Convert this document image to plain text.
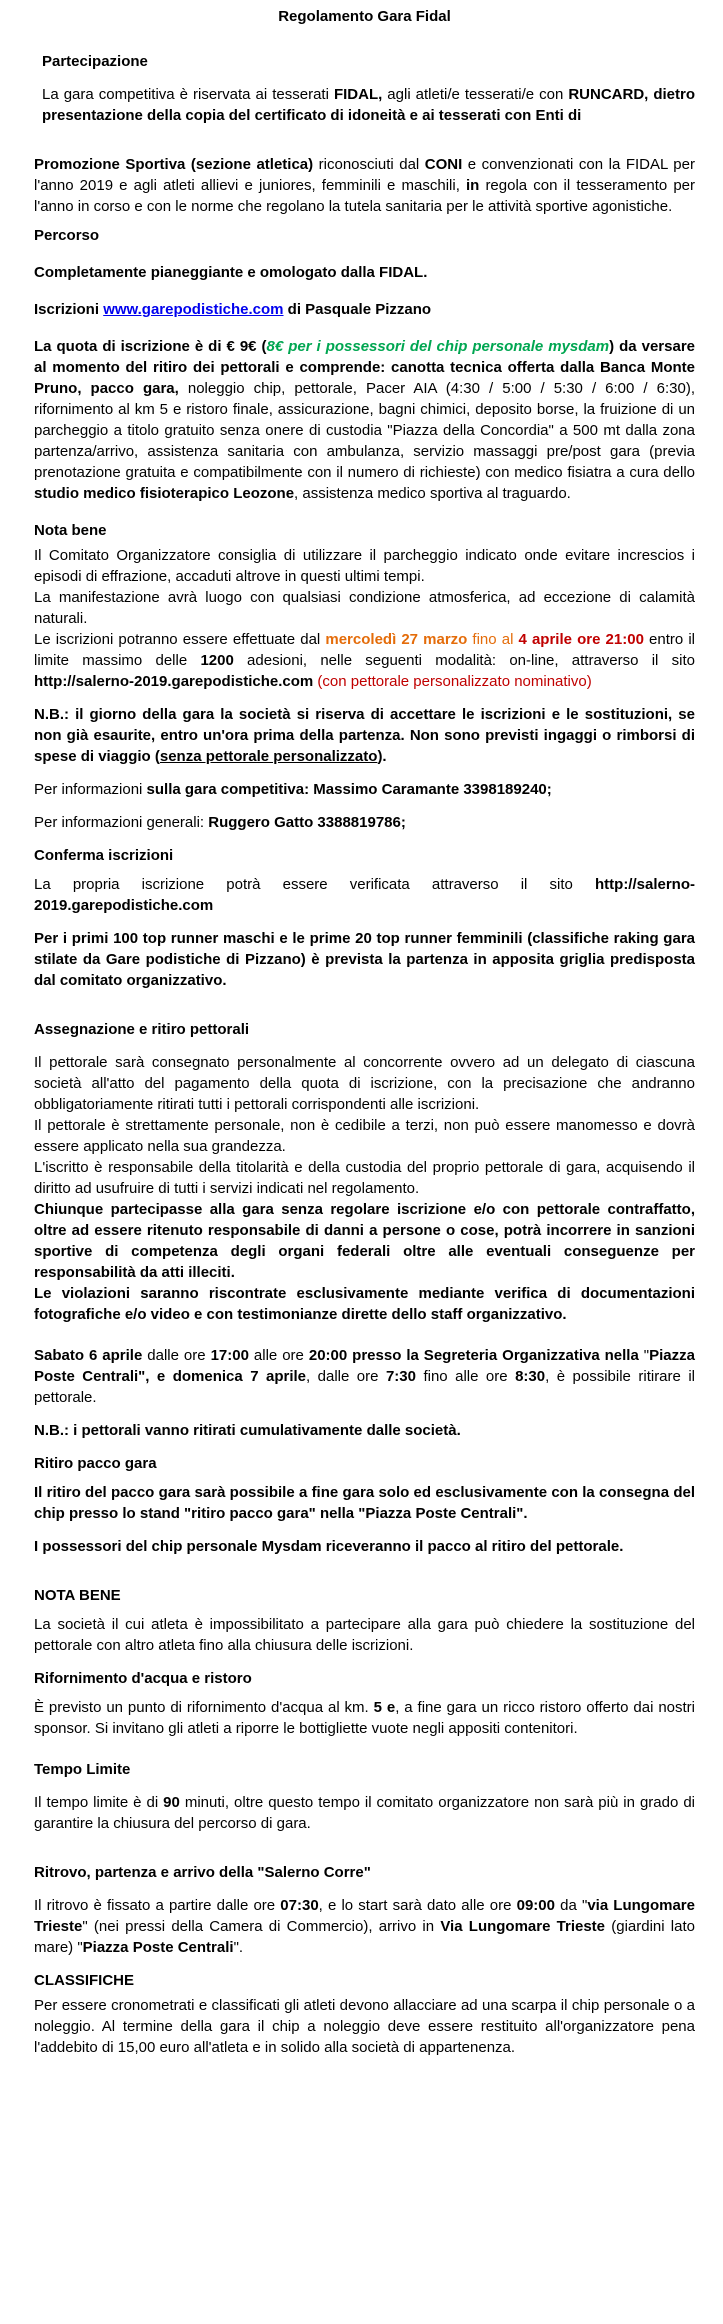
Regolamento Gara Fidal
Partecipazione

La gara competitiva è riservata ai tesserati FIDAL, agli atleti/e tesserati/e con RUNCARD, dietro presentazione della copia del certificato di idoneità e ai tesserati con Enti di

Promozione Sportiva (sezione atletica) riconosciuti dal CONI e convenzionati con la FIDAL per l'anno 2019 e agli atleti allievi e juniores, femminili e maschili, in regola con il tesseramento per l'anno in corso e con le norme che regolano la tutela sanitaria per le attività sportive agonistiche.

Percorso

Completamente pianeggiante e omologato dalla FIDAL.

Iscrizioni www.garepodistiche.com di Pasquale Pizzano

La quota di iscrizione è di € 9€ (8€ per i possessori del chip personale mysdam) da versare al momento del ritiro dei pettorali e comprende: canotta tecnica offerta dalla Banca Monte Pruno, pacco gara, noleggio chip, pettorale, Pacer AIA (4:30 / 5:00 / 5:30 / 6:00 / 6:30), rifornimento al km 5 e ristoro finale, assicurazione, bagni chimici, deposito borse, la fruizione di un parcheggio a titolo gratuito senza onere di custodia "Piazza della Concordia" a 500 mt dalla zona partenza/arrivo, assistenza sanitaria con ambulanza, servizio massaggi pre/post gara (previa prenotazione gratuita e compatibilmente con il numero di richieste) con medico fisiatra a cura dello studio medico fisioterapico Leozone, assistenza medico sportiva al traguardo.

Nota bene

Il Comitato Organizzatore consiglia di utilizzare il parcheggio indicato onde evitare increscios i episodi di effrazione, accaduti altrove in questi ultimi tempi.

La manifestazione avrà luogo con qualsiasi condizione atmosferica, ad eccezione di calamità naturali.

Le iscrizioni potranno essere effettuate dal mercoledì 27 marzo fino al 4 aprile ore 21:00 entro il limite massimo delle 1200 adesioni, nelle seguenti modalità: on-line, attraverso il sito http://salerno-2019.garepodistiche.com (con pettorale personalizzato nominativo)

N.B.: il giorno della gara la società si riserva di accettare le iscrizioni e le sostituzioni, se non già esaurite, entro un'ora prima della partenza. Non sono previsti ingaggi o rimborsi di spese di viaggio (senza pettorale personalizzato).

Per informazioni sulla gara competitiva: Massimo Caramante 3398189240;

Per informazioni generali: Ruggero Gatto 3388819786;

Conferma iscrizioni

La propria iscrizione potrà essere verificata attraverso il sito http://salerno-2019.garepodistiche.com

Per i primi 100 top runner maschi e le prime 20 top runner femminili (classifiche raking gara stilate da Gare podistiche di Pizzano) è prevista la partenza in apposita griglia predisposta dal comitato organizzativo.

Assegnazione e ritiro pettorali

Il pettorale sarà consegnato personalmente al concorrente ovvero ad un delegato di ciascuna società all'atto del pagamento della quota di iscrizione, con la precisazione che andranno obbligatoriamente ritirati tutti i pettorali corrispondenti alle iscrizioni.

Il pettorale è strettamente personale, non è cedibile a terzi, non può essere manomesso e dovrà essere applicato nella sua grandezza.

L'iscritto è responsabile della titolarità e della custodia del proprio pettorale di gara, acquisendo il diritto ad usufruire di tutti i servizi indicati nel regolamento.

Chiunque partecipasse alla gara senza regolare iscrizione e/o con pettorale contraffatto, oltre ad essere ritenuto responsabile di danni a persone o cose, potrà incorrere in sanzioni sportive di competenza degli organi federali oltre alle eventuali conseguenze per responsabilità da atti illeciti.

Le violazioni saranno riscontrate esclusivamente mediante verifica di documentazioni fotografiche e/o video e con testimonianze dirette dello staff organizzativo.

Sabato 6 aprile dalle ore 17:00 alle ore 20:00 presso la Segreteria Organizzativa nella "Piazza Poste Centrali", e domenica 7 aprile, dalle ore 7:30 fino alle ore 8:30, è possibile ritirare il pettorale.

N.B.: i pettorali vanno ritirati cumulativamente dalle società.

Ritiro pacco gara

Il ritiro del pacco gara sarà possibile a fine gara solo ed esclusivamente con la consegna del chip presso lo stand "ritiro pacco gara" nella "Piazza Poste Centrali".

I possessori del chip personale Mysdam riceveranno il pacco al ritiro del pettorale.

NOTA BENE

La società il cui atleta è impossibilitato a partecipare alla gara può chiedere la sostituzione del pettorale con altro atleta fino alla chiusura delle iscrizioni.

Rifornimento d'acqua e ristoro

È previsto un punto di rifornimento d'acqua al km. 5 e, a fine gara un ricco ristoro offerto dai nostri sponsor. Si invitano gli atleti a riporre le bottigliette vuote negli appositi contenitori.

Tempo Limite

Il tempo limite è di 90 minuti, oltre questo tempo il comitato organizzatore non sarà più in grado di garantire la chiusura del percorso di gara.

Ritrovo, partenza e arrivo della "Salerno Corre"

Il ritrovo è fissato a partire dalle ore 07:30, e lo start sarà dato alle ore 09:00 da "via Lungomare Trieste" (nei pressi della Camera di Commercio), arrivo in Via Lungomare Trieste (giardini lato mare) "Piazza Poste Centrali".

CLASSIFICHE

Per essere cronometrati e classificati gli atleti devono allacciare ad una scarpa il chip personale o a noleggio. Al termine della gara il chip a noleggio deve essere restituito all'organizzatore pena l'addebito di 15,00 euro all'atleta e in solido alla società di appartenenza.
